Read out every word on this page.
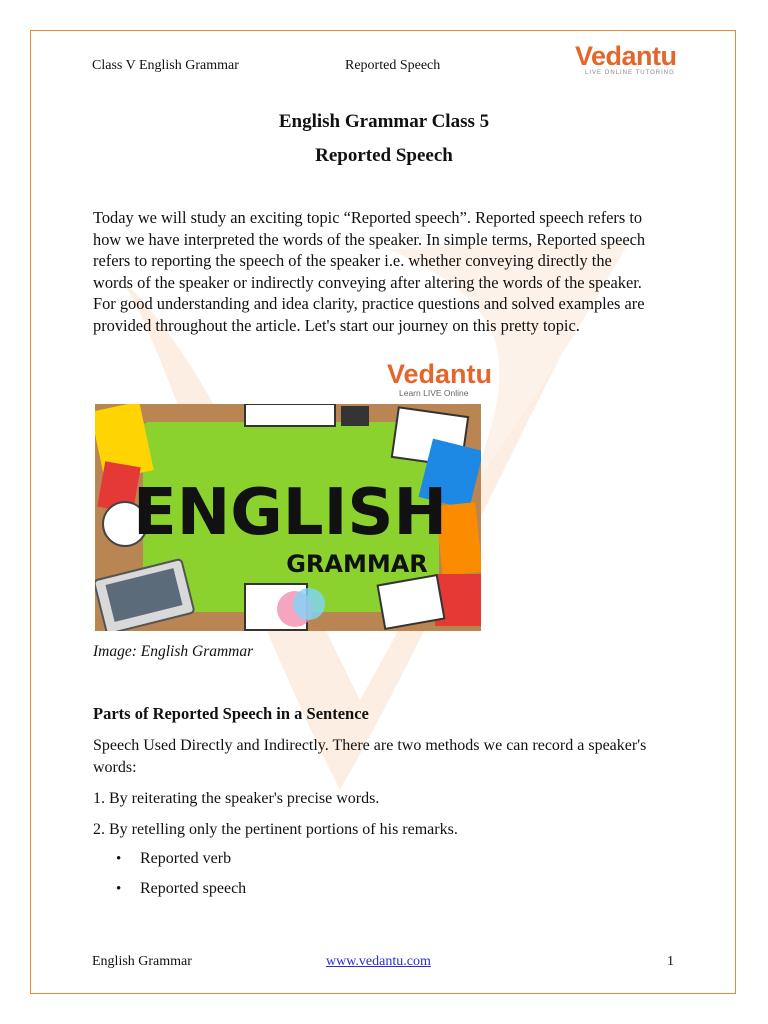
Class V English Grammar	Reported Speech	Vedantu
LIVE ONLINE TUTORING
English Grammar Class 5
Reported Speech

Today we will study an exciting topic “Reported speech”. Reported speech refers to how we have interpreted the words of the speaker. In simple terms, Reported speech refers to reporting the speech of the speaker i.e. whether conveying directly the words of the speaker or indirectly conveying after altering the words of the speaker. For good understanding and idea clarity, practice questions and solved examples are provided throughout the article. Let's start our journey on this pretty topic.

Vedantu
Learn LIVE Online
ENGLISH
GRAMMAR
Image: English Grammar
Parts of Reported Speech in a Sentence

Speech Used Directly and Indirectly. There are two methods we can record a speaker's words:

1. By reiterating the speaker's precise words.

2. By retelling only the pertinent portions of his remarks.

• Reported verb
• Reported speech
English Grammar	www.vedantu.com	1
